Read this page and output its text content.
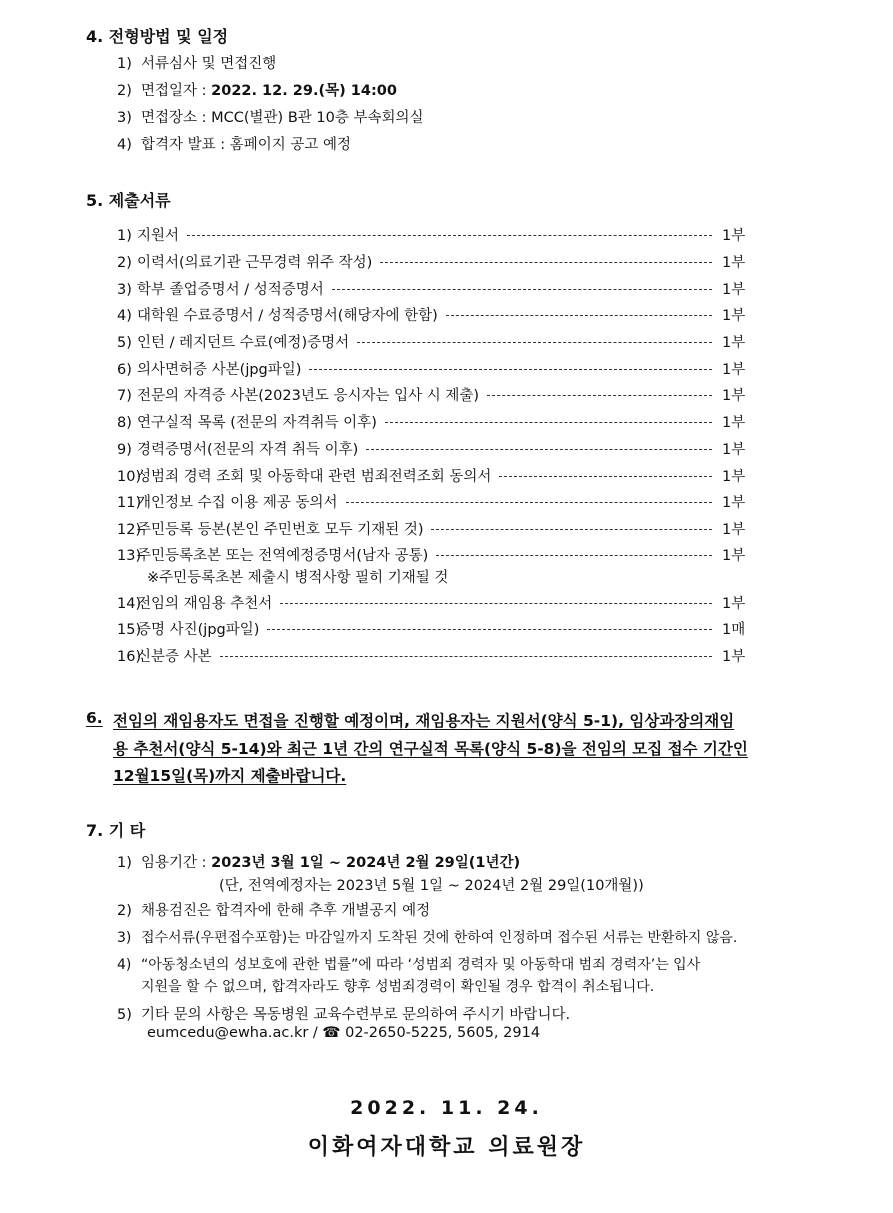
4. 전형방법 및 일정
1) 서류심사 및 면접진행
2) 면접일자 : 2022. 12. 29.(목) 14:00
3) 면접장소 : MCC(별관) B관 10층 부속회의실
4) 합격자 발표 : 홈페이지 공고 예정
5. 제출서류
1) 지원서	1부
2) 이력서(의료기관 근무경력 위주 작성)	1부
3) 학부 졸업증명서 / 성적증명서	1부
4) 대학원 수료증명서 / 성적증명서(해당자에 한함)	1부
5) 인턴 / 레지던트 수료(예정)증명서	1부
6) 의사면허증 사본(jpg파일)	1부
7) 전문의 자격증 사본(2023년도 응시자는 입사 시 제출)	1부
8) 연구실적 목록 (전문의 자격취득 이후)	1부
9) 경력증명서(전문의 자격 취득 이후)	1부
10)성범죄 경력 조회 및 아동학대 관련 범죄전력조회 동의서	1부
11)개인정보 수집 이용 제공 동의서	1부
12)주민등록 등본(본인 주민번호 모두 기재된 것)	1부
13)주민등록초본 또는 전역예정증명서(남자 공통)	1부
14)전임의 재임용 추천서	1부
15)증명 사진(jpg파일)	1매
16)신분증 사본	1부
※주민등록초본 제출시 병적사항 필히 기재될 것
6. 전임의 재임용자도 면접을 진행할 예정이며, 재임용자는 지원서(양식 5-1), 임상과장의재임
용 추천서(양식 5-14)와 최근 1년 간의 연구실적 목록(양식 5-8)을 전임의 모집 접수 기간인
12월15일(목)까지 제출바랍니다.
7. 기 타
1) 임용기간 : 2023년 3월 1일 ~ 2024년 2월 29일(1년간)
(단, 전역예정자는 2023년 5월 1일 ~ 2024년 2월 29일(10개월))
2) 채용검진은 합격자에 한해 추후 개별공지 예정
3) 접수서류(우편접수포함)는 마감일까지 도착된 것에 한하여 인정하며 접수된 서류는 반환하지 않음.
4) “아동청소년의 성보호에 관한 법률”에 따라 ‘성범죄 경력자 및 아동학대 범죄 경력자’는 입사
지원을 할 수 없으며, 합격자라도 향후 성범죄경력이 확인될 경우 합격이 취소됩니다.
5) 기타 문의 사항은 목동병원 교육수련부로 문의하여 주시기 바랍니다.
eumcedu@ewha.ac.kr / ☎ 02-2650-5225, 5605, 2914
2022. 11. 24.
이화여자대학교 의료원장
